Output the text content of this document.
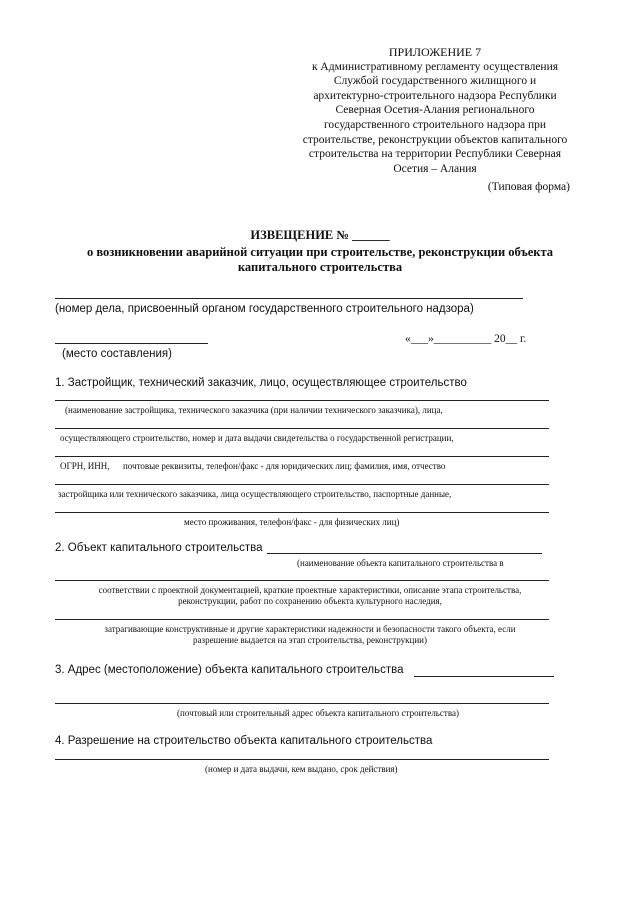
ПРИЛОЖЕНИЕ 7
к Административному регламенту осуществления
Службой государственного жилищного и
архитектурно-строительного надзора Республики
Северная Осетия-Алания регионального
государственного строительного надзора при
строительстве, реконструкции объектов капитального
строительства на территории Республики Северная
Осетия – Алания
(Типовая форма)
ИЗВЕЩЕНИЕ № ______
о возникновении аварийной ситуации при строительстве, реконструкции объекта
капитального строительства
(номер дела, присвоенный органом государственного строительного надзора)
(место составления)
«___»__________ 20__ г.
1. Застройщик, технический заказчик, лицо, осуществляющее строительство
(наименование застройщика, технического заказчика (при наличии технического заказчика), лица,
осуществляющего строительство, номер и дата выдачи свидетельства о государственной регистрации,
ОГРН, ИНН,      почтовые реквизиты, телефон/факс - для юридических лиц; фамилия, имя, отчество
застройщика или технического заказчика, лица осуществляющего строительство, паспортные данные,
место проживания, телефон/факс - для физических лиц)
2. Объект капитального строительства
(наименование объекта капитального строительства в
соответствии с проектной документацией, краткие проектные характеристики, описание этапа строительства,
реконструкции, работ по сохранению объекта культурного наследия,
затрагивающие конструктивные и другие характеристики надежности и безопасности такого объекта, если
разрешение выдается на этап строительства, реконструкции)
3. Адрес (местоположение) объекта капитального строительства
(почтовый или строительный адрес объекта капитального строительства)
4. Разрешение на строительство объекта капитального строительства
(номер и дата выдачи, кем выдано, срок действия)
